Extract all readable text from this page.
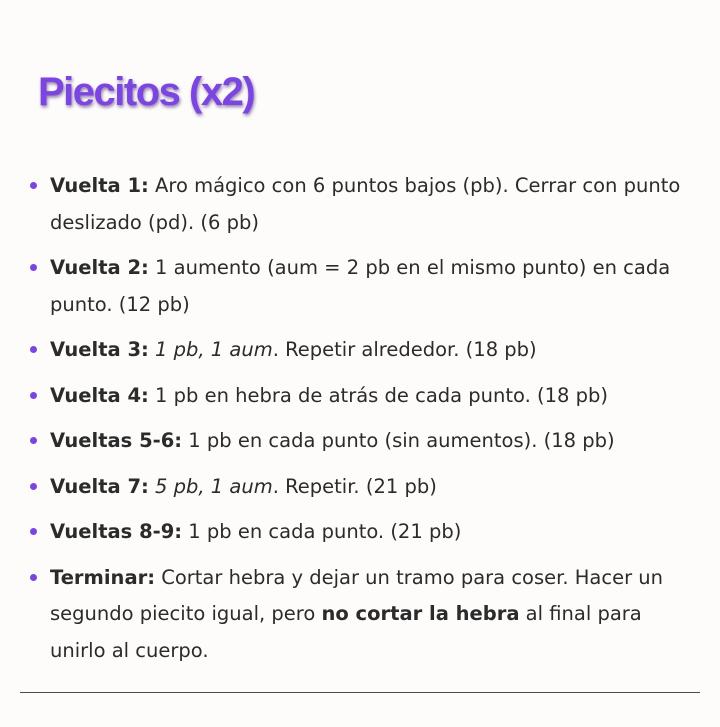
Piecitos (x2)
Vuelta 1: Aro mágico con 6 puntos bajos (pb). Cerrar con punto deslizado (pd). (6 pb)
Vuelta 2: 1 aumento (aum = 2 pb en el mismo punto) en cada punto. (12 pb)
Vuelta 3: 1 pb, 1 aum. Repetir alrededor. (18 pb)
Vuelta 4: 1 pb en hebra de atrás de cada punto. (18 pb)
Vueltas 5-6: 1 pb en cada punto (sin aumentos). (18 pb)
Vuelta 7: 5 pb, 1 aum. Repetir. (21 pb)
Vueltas 8-9: 1 pb en cada punto. (21 pb)
Terminar: Cortar hebra y dejar un tramo para coser. Hacer un segundo piecito igual, pero no cortar la hebra al final para unirlo al cuerpo.
